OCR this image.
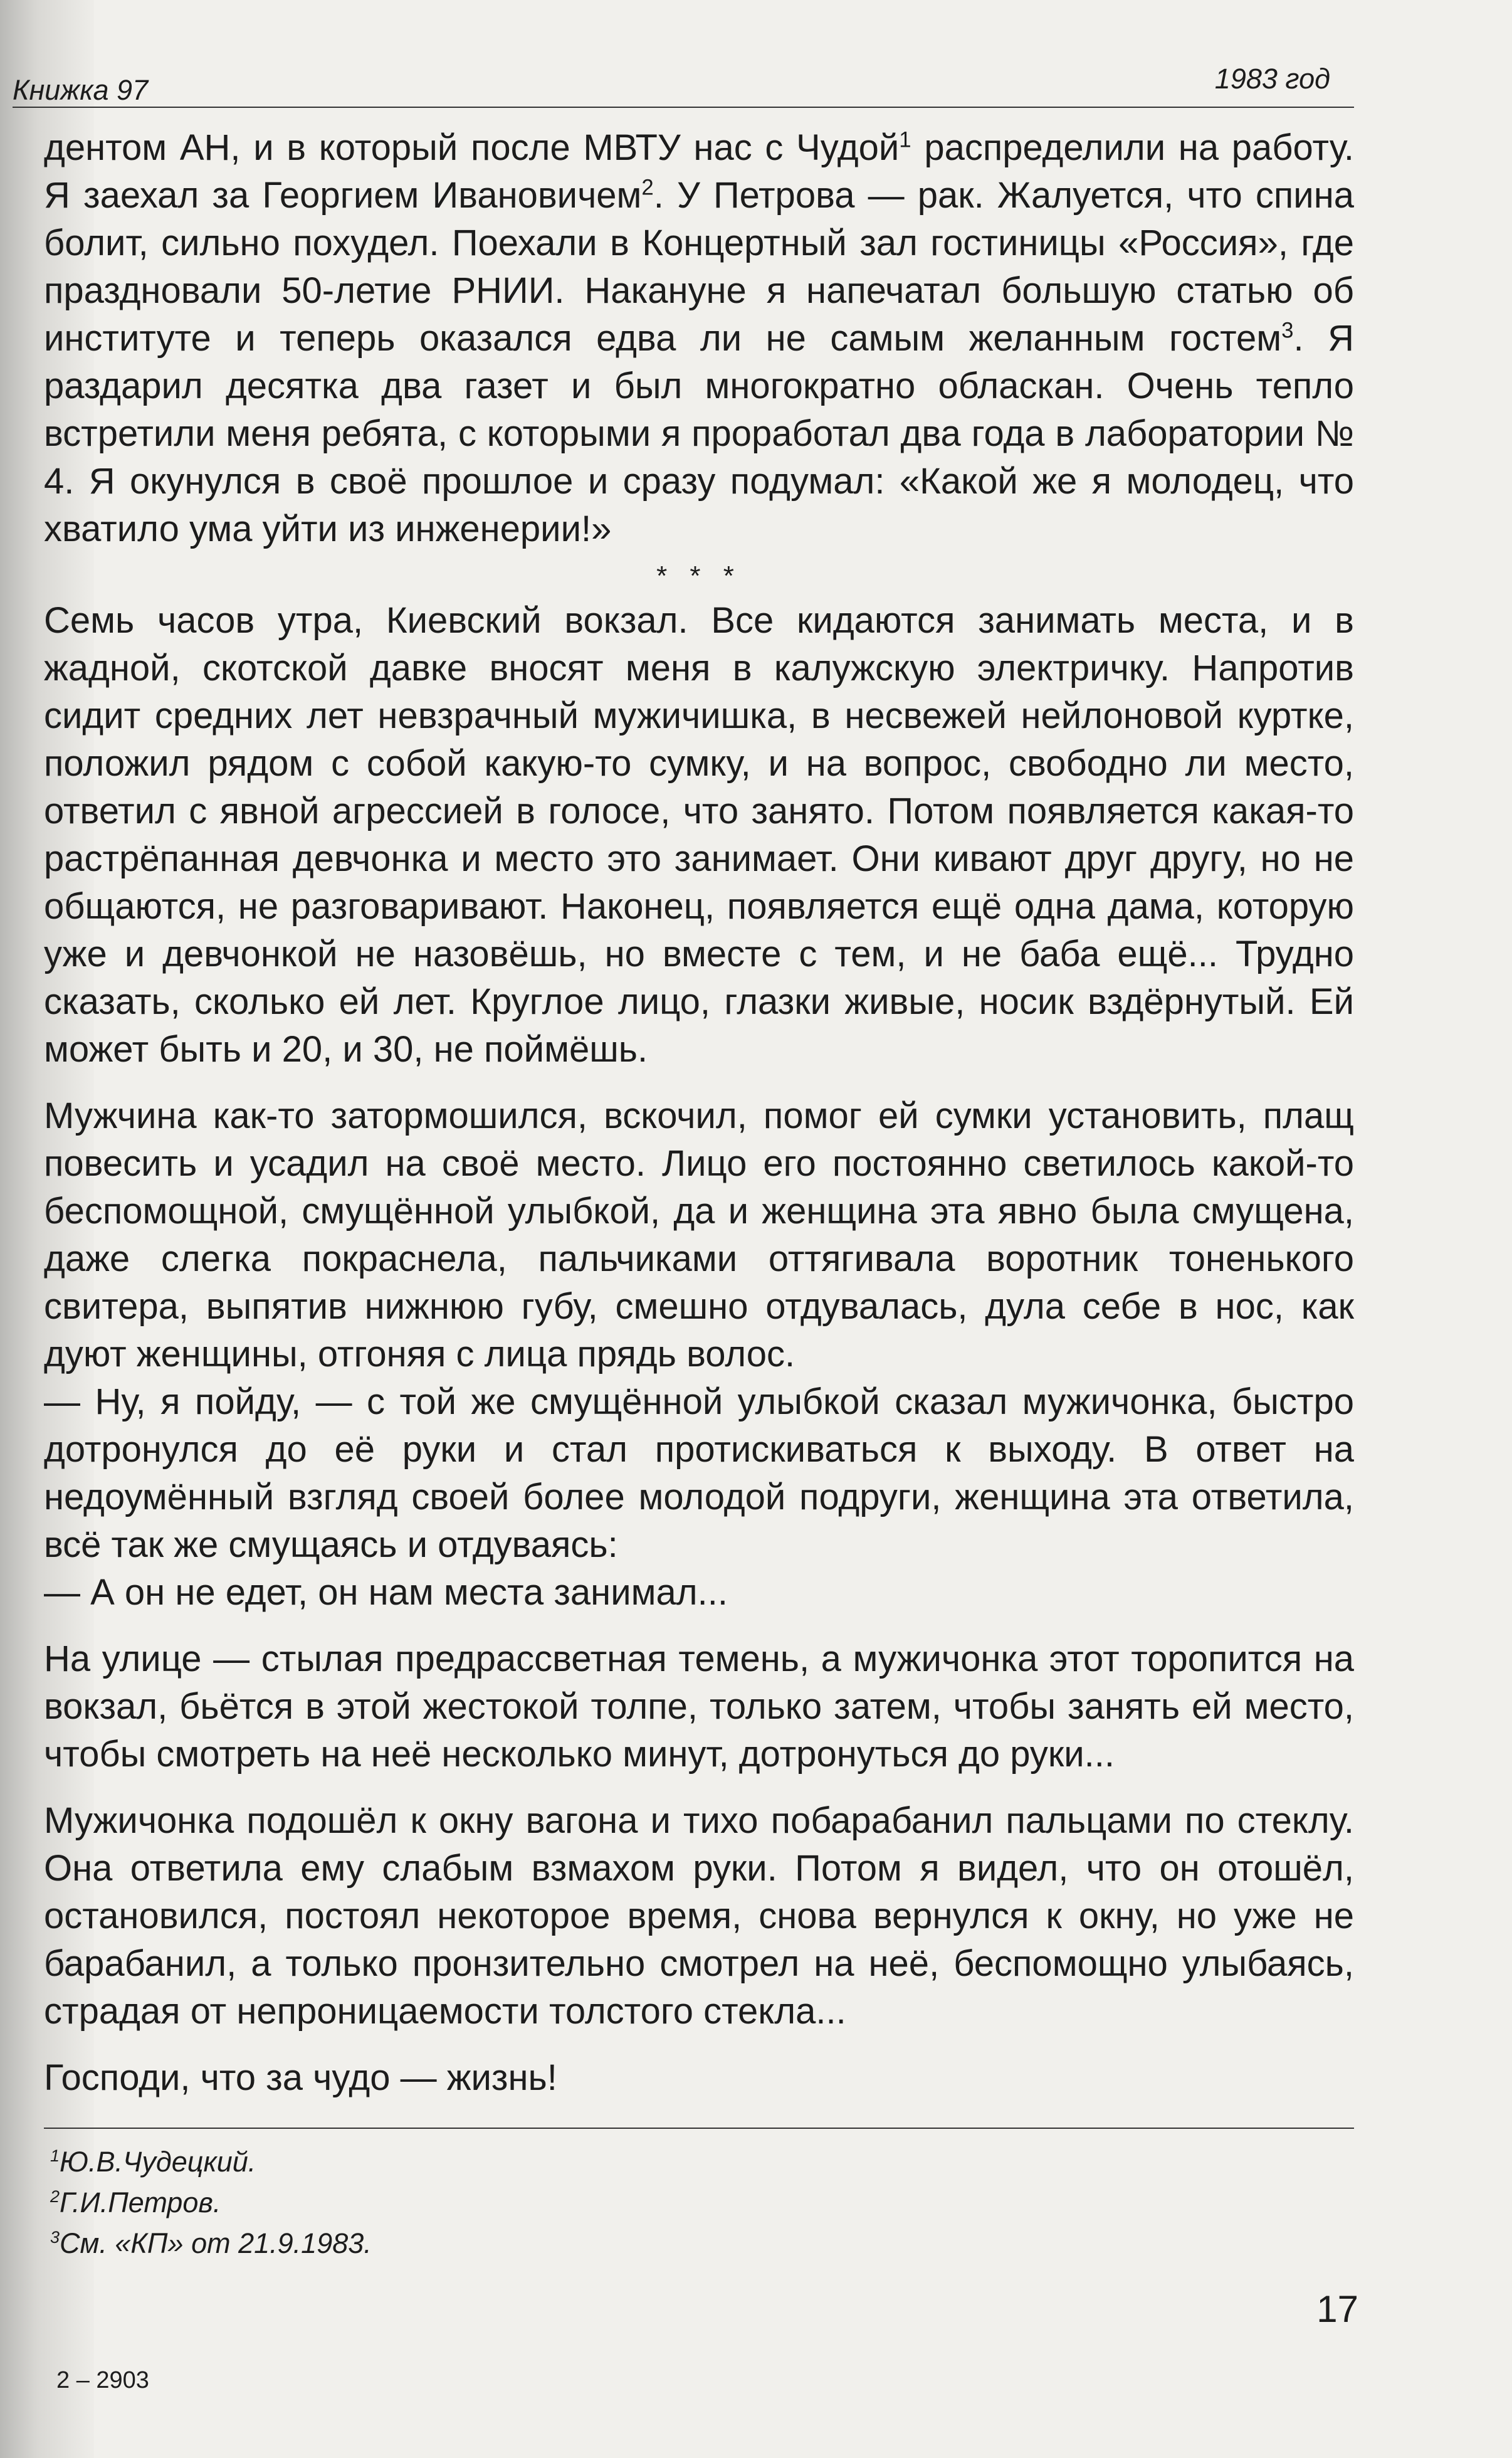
Книжка 97	1983 год

дентом АН, и в который после МВТУ нас с Чудой$^1$ распределили на работу. Я заехал за Георгием Ивановичем$^2$. У Петрова — рак. Жалуется, что спина болит, сильно похудел. Поехали в Концертный зал гостиницы «Россия», где праздновали 50-летие РНИИ. Накануне я напечатал большую статью об институте и теперь оказался едва ли не самым желанным гостем$^3$. Я раздарил десятка два газет и был многократно обласкан. Очень тепло встретили меня ребята, с которыми я проработал два года в лаборатории № 4. Я окунулся в своё прошлое и сразу подумал: «Какой же я молодец, что хватило ума уйти из инженерии!»

* * *

Семь часов утра, Киевский вокзал. Все кидаются занимать места, и в жадной, скотской давке вносят меня в калужскую электричку. Напротив сидит средних лет невзрачный мужичишка, в несвежей нейлоновой куртке, положил рядом с собой какую-то сумку, и на вопрос, свободно ли место, ответил с явной агрессией в голосе, что занято. Потом появляется какая-то растрёпанная девчонка и место это занимает. Они кивают друг другу, но не общаются, не разговаривают. Наконец, появляется ещё одна дама, которую уже и девчонкой не назовёшь, но вместе с тем, и не баба ещё... Трудно сказать, сколько ей лет. Круглое лицо, глазки живые, носик вздёрнутый. Ей может быть и 20, и 30, не поймёшь.

Мужчина как-то затормошился, вскочил, помог ей сумки установить, плащ повесить и усадил на своё место. Лицо его постоянно светилось какой-то беспомощной, смущённой улыбкой, да и женщина эта явно была смущена, даже слегка покраснела, пальчиками оттягивала воротник тоненького свитера, выпятив нижнюю губу, смешно отдувалась, дула себе в нос, как дуют женщины, отгоняя с лица прядь волос.

— Ну, я пойду, — с той же смущённой улыбкой сказал мужичонка, быстро дотронулся до её руки и стал протискиваться к выходу. В ответ на недоумённый взгляд своей более молодой подруги, женщина эта ответила, всё так же смущаясь и отдуваясь:

— А он не едет, он нам места занимал...

На улице — стылая предрассветная темень, а мужичонка этот торопится на вокзал, бьётся в этой жестокой толпе, только затем, чтобы занять ей место, чтобы смотреть на неё несколько минут, дотронуться до руки...

Мужичонка подошёл к окну вагона и тихо побарабанил пальцами по стеклу. Она ответила ему слабым взмахом руки. Потом я видел, что он отошёл, остановился, постоял некоторое время, снова вернулся к окну, но уже не барабанил, а только пронзительно смотрел на неё, беспомощно улыбаясь, страдая от непроницаемости толстого стекла...

Господи, что за чудо — жизнь!

$^1$Ю.В.Чудецкий.
$^2$Г.И.Петров.
$^3$См. «КП» от 21.9.1983.
17
2 – 2903
